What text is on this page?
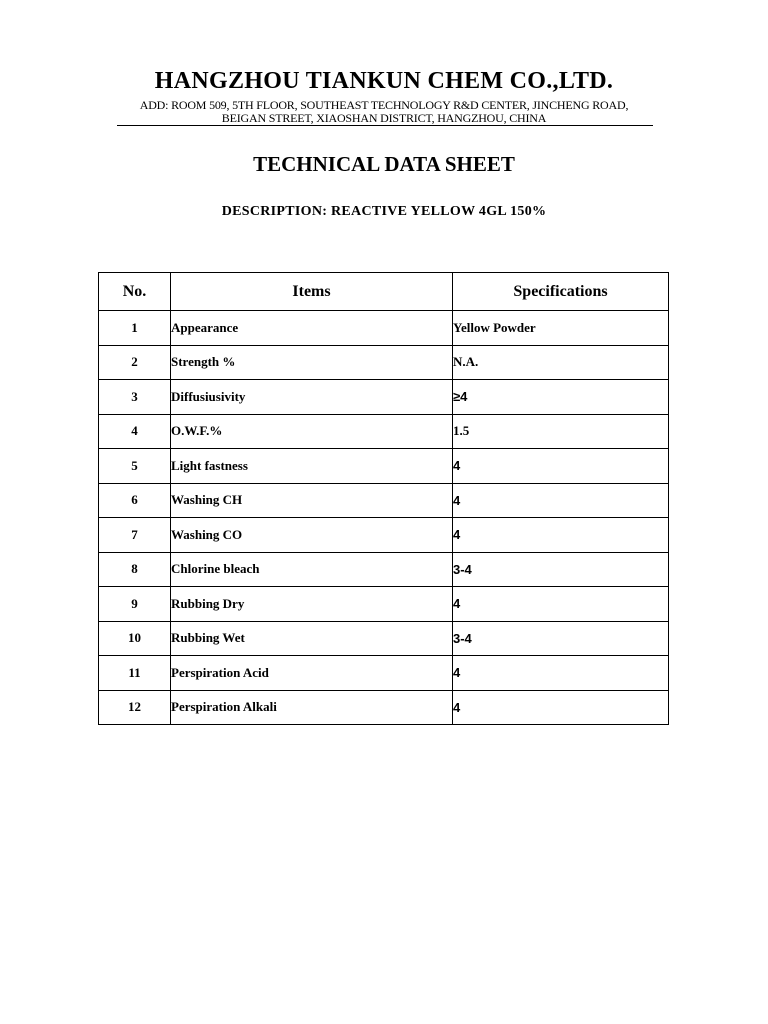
HANGZHOU TIANKUN CHEM CO.,LTD.
ADD: ROOM 509, 5TH FLOOR, SOUTHEAST TECHNOLOGY R&D CENTER, JINCHENG ROAD,
BEIGAN STREET, XIAOSHAN DISTRICT, HANGZHOU, CHINA
TECHNICAL DATA SHEET
DESCRIPTION: REACTIVE YELLOW 4GL 150%
No.	Items	Specifications
1	Appearance	Yellow Powder
2	Strength %	N.A.
3	Diffusiusivity	≥4
4	O.W.F.%	1.5
5	Light fastness	4
6	Washing CH	4
7	Washing CO	4
8	Chlorine bleach	3-4
9	Rubbing Dry	4
10	Rubbing Wet	3-4
11	Perspiration Acid	4
12	Perspiration Alkali	4
